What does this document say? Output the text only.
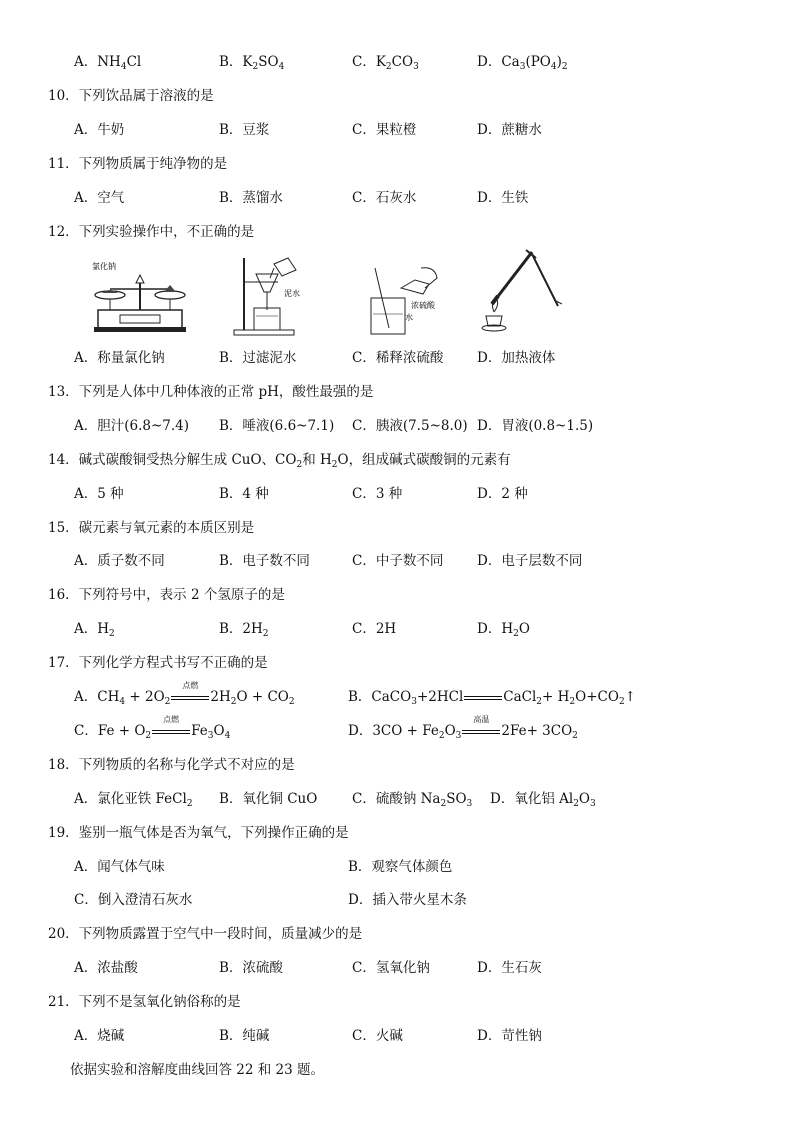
A．$NH_4Cl$	B．$K_2SO_4$	C．$K_2CO_3$	D．$Ca_3(PO_4)_2$
10．下列饮品属于溶液的是
A．牛奶	B．豆浆	C．果粒橙	D．蔗糖水
11．下列物质属于纯净物的是
A．空气	B．蒸馏水	C．石灰水	D．生铁
12．下列实验操作中，不正确的是
氯化钠
泥水
浓硫酸
水
A．称量氯化钠	B．过滤泥水	C．稀释浓硫酸 D．加热液体
13．下列是人体中几种体液的正常 pH，酸性最强的是
A．胆汁(6.8~7.4) B．唾液(6.6~7.1) C．胰液(7.5~8.0) D．胃液(0.8~1.5)
14．碱式碳酸铜受热分解生成 CuO、$CO_2$和 $H_2O$，组成碱式碳酸铜的元素有
A．5 种	B．4 种	C．3 种	D．2 种
15．碳元素与氧元素的本质区别是
A．质子数不同	B．电子数不同	C．中子数不同 D．电子层数不同
16．下列符号中，表示 2 个氢原子的是
A．$H_2$	B．$2H_2$	C．2H	D．$H_2O$
17．下列化学方程式书写不正确的是
A．$CH_4 + 2O_2$
点燃
$2H_2O + CO_2$	B．CaCO$_3$+2HCl	CaCl$_2$+ $H_2O+CO_2↑$
C．$Fe + O_2$
点燃
$Fe_3O_4$	D．$3CO + Fe_2O_3$
高温
$2Fe+ 3CO_2$
18．下列物质的名称与化学式不对应的是
A．氯化亚铁 FeCl$_2$ B．氧化铜 CuO	C．硫酸钠 $Na_2SO_3$ D．氧化铝 $Al_2O_3$
19．鉴别一瓶气体是否为氧气，下列操作正确的是
A．闻气体气味	B．观察气体颜色
C．倒入澄清石灰水	D．插入带火星木条
20．下列物质露置于空气中一段时间，质量减少的是
A．浓盐酸	B．浓硫酸	C．氢氧化钠	D．生石灰
21．下列不是氢氧化钠俗称的是
A．烧碱	B．纯碱	C．火碱	D．苛性钠
依据实验和溶解度曲线回答 22 和 23 题。
